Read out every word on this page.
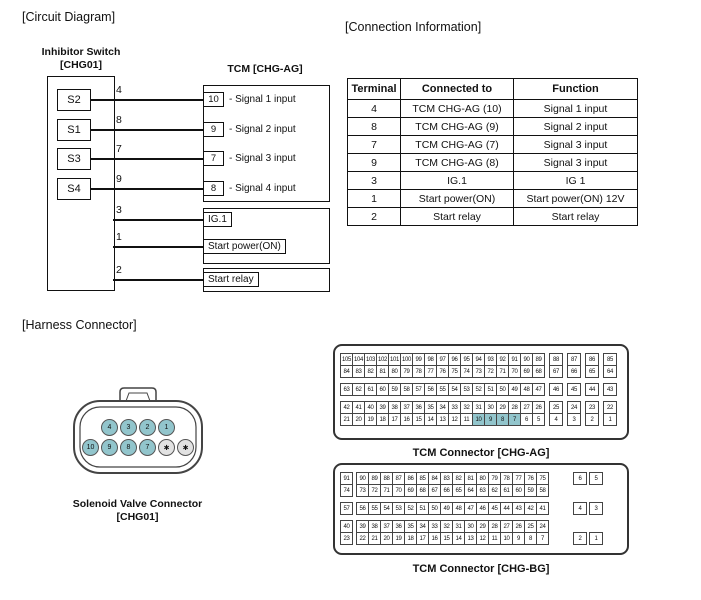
[Circuit Diagram]
[Connection Information]
[Harness Connector]
Inhibitor Switch
[CHG01]	TCM [CHG-AG]
S2
S1
S3
S4
4
8
7
9
3
1
2
10
9
7
8
- Signal 1 input
- Signal 2 input
- Signal 3 input
- Signal 4 input
IG.1
Start power(ON)
Start relay
Terminal	Connected to	Function
4	TCM CHG-AG (10)	Signal 1 input
8	TCM CHG-AG (9)	Signal 2 input
7	TCM CHG-AG (7)	Signal 3 input
9	TCM CHG-AG (8)	Signal 3 input
3	IG.1	IG 1
1	Start power(ON)	Start power(ON) 12V
2	Start relay	Start relay
4	3	2	1
10	9	8	7	✱	✱
Solenoid Valve Connector
[CHG01]
105 104 103 102 101 100 99 98 97 96 95 94 93 92 91 90 89	88	87	86	85
84 83 82 81 80 79 78 77 76 75 74 73 72 71 70 69 68	67	66	65	64
63 62 61 60 59 58 57 56 55 54 53 52 51 50 49 48 47	46	45	44	43
42 41 40 39 38 37 36 35 34 33 32 31 30 29 28 27 26	25	24	23	22
21 20 19 18 17 16 15 14 13 12	11	10	9	8	7	6	5	4	3	2	1
TCM Connector [CHG-AG]
91	90 89 88 87 86 85 84 83 82 81 80 79 78 77 76 75
74	73 72 71 70 69 68 67 66 65 64 63 62 61 60 59 58
57	56 55 54 53 52 51 50 49 48 47 46 45 44 43 42 41
40	39 38 37 36 35 34 33 32 31 30 29 28 27 26 25 24
23	22 21 20 19 18 17 16 15 14 13 12	11	10	9	8	7
6	5
4	3
2	1
TCM Connector [CHG-BG]
